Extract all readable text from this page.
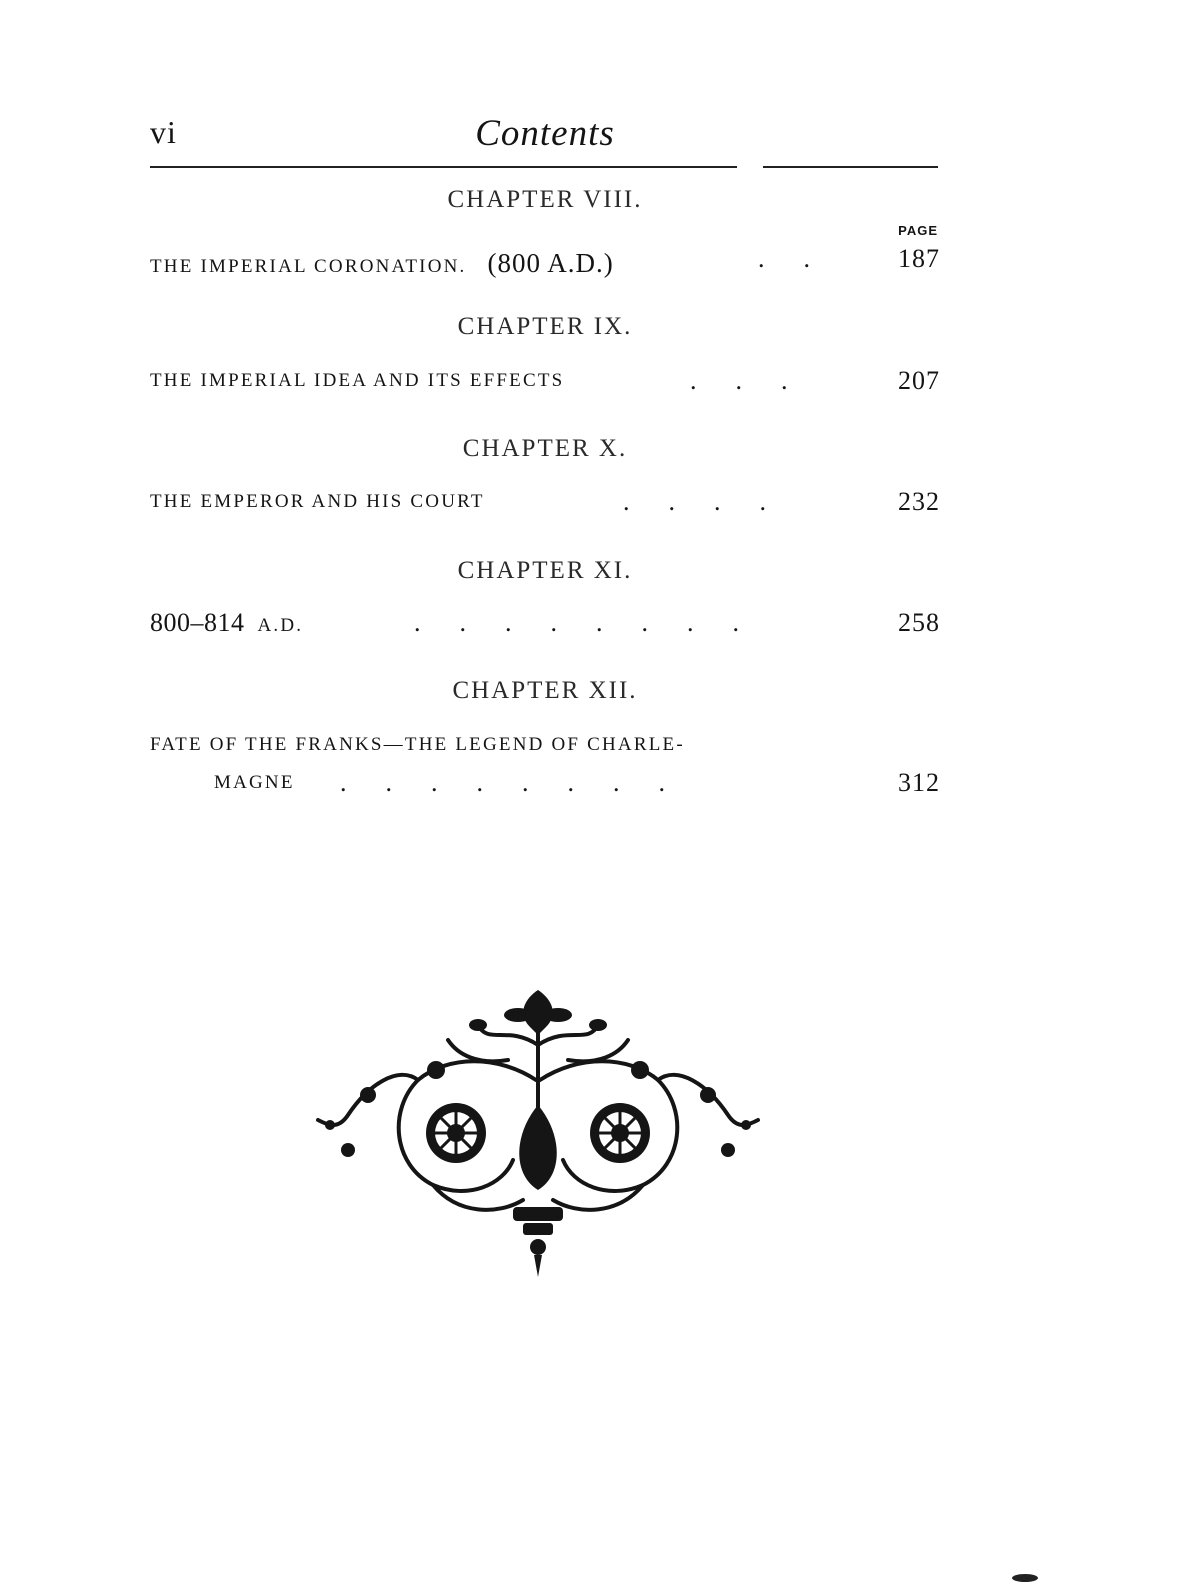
vi	Contents
CHAPTER VIII.
PAGE
THE IMPERIAL CORONATION. (800 A.D.)	.      .	187
CHAPTER IX.
THE IMPERIAL IDEA AND ITS EFFECTS	.      .      .	207
CHAPTER X.
THE EMPEROR AND HIS COURT	.      .      .      .	232
CHAPTER XI.
800–814 A.D.	.      .      .      .      .      .      .      .	258
CHAPTER XII.
FATE OF THE FRANKS—THE LEGEND OF CHARLE-
MAGNE .      .      .      .      .      .      .      .	312
